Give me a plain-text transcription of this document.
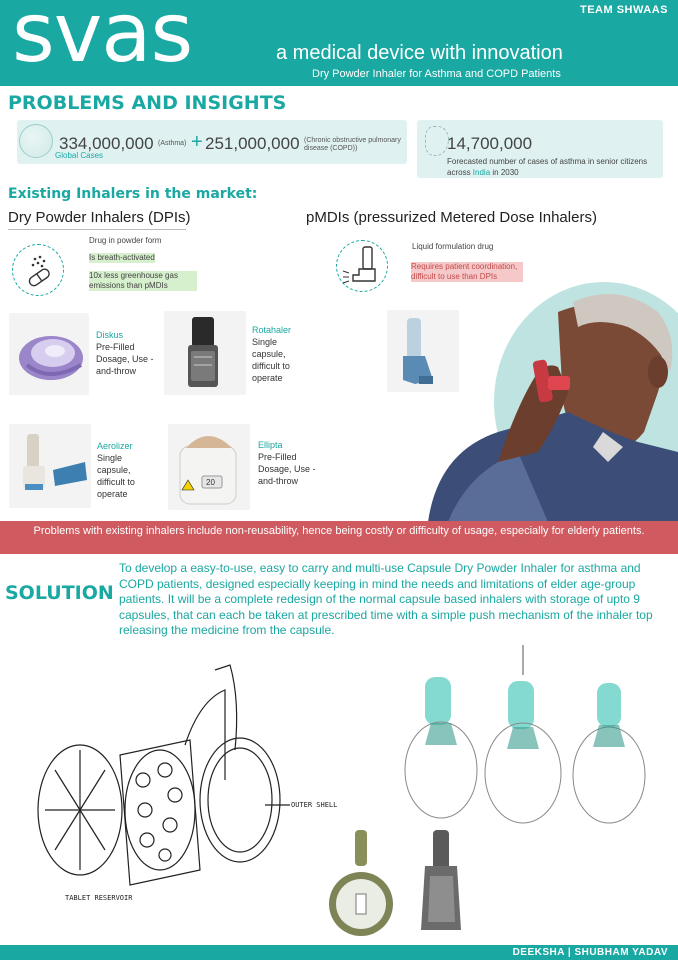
svas	TEAM SHWAAS
a medical device with innovation
Dry Powder Inhaler for Asthma and COPD Patients
PROBLEMS AND INSIGHTS
334,000,000 (Asthma) + 251,000,000 (Chronic obstructive pulmonary disease (COPD))
Global Cases
14,700,000
Forecasted number of cases of asthma in senior citizens across India in 2030
Existing Inhalers in the market:
Dry Powder Inhalers (DPIs)	pMDIs (pressurized Metered Dose Inhalers)
Drug in powder form
Is breath-activated
10x less greenhouse gas emissions than pMDIs
Liquid formulation drug
Requires patient coordination, difficult to use than DPIs
Diskus
Pre-Filled Dosage, Use -and-throw
Rotahaler
Single capsule, difficult to operate
Aerolizer
Single capsule, difficult to operate
20
Ellipta
Pre-Filled Dosage, Use -and-throw
Problems with existing inhalers include non-reusability, hence being costly or difficulty of usage, especially for elderly patients.
SOLUTION
To develop a easy-to-use, easy to carry and multi-use Capsule Dry Powder Inhaler for asthma and COPD patients, designed especially keeping in mind the needs and limitations of elder age-group patients. It will be a complete redesign of the normal capsule based inhalers with storage of upto 9 capsules, that can each be taken at prescribed time with a simple push mechanism of the inhaler top releasing the medicine from the capsule.
OUTER SHELL
TABLET RESERVOIR
DEEKSHA | SHUBHAM YADAV
